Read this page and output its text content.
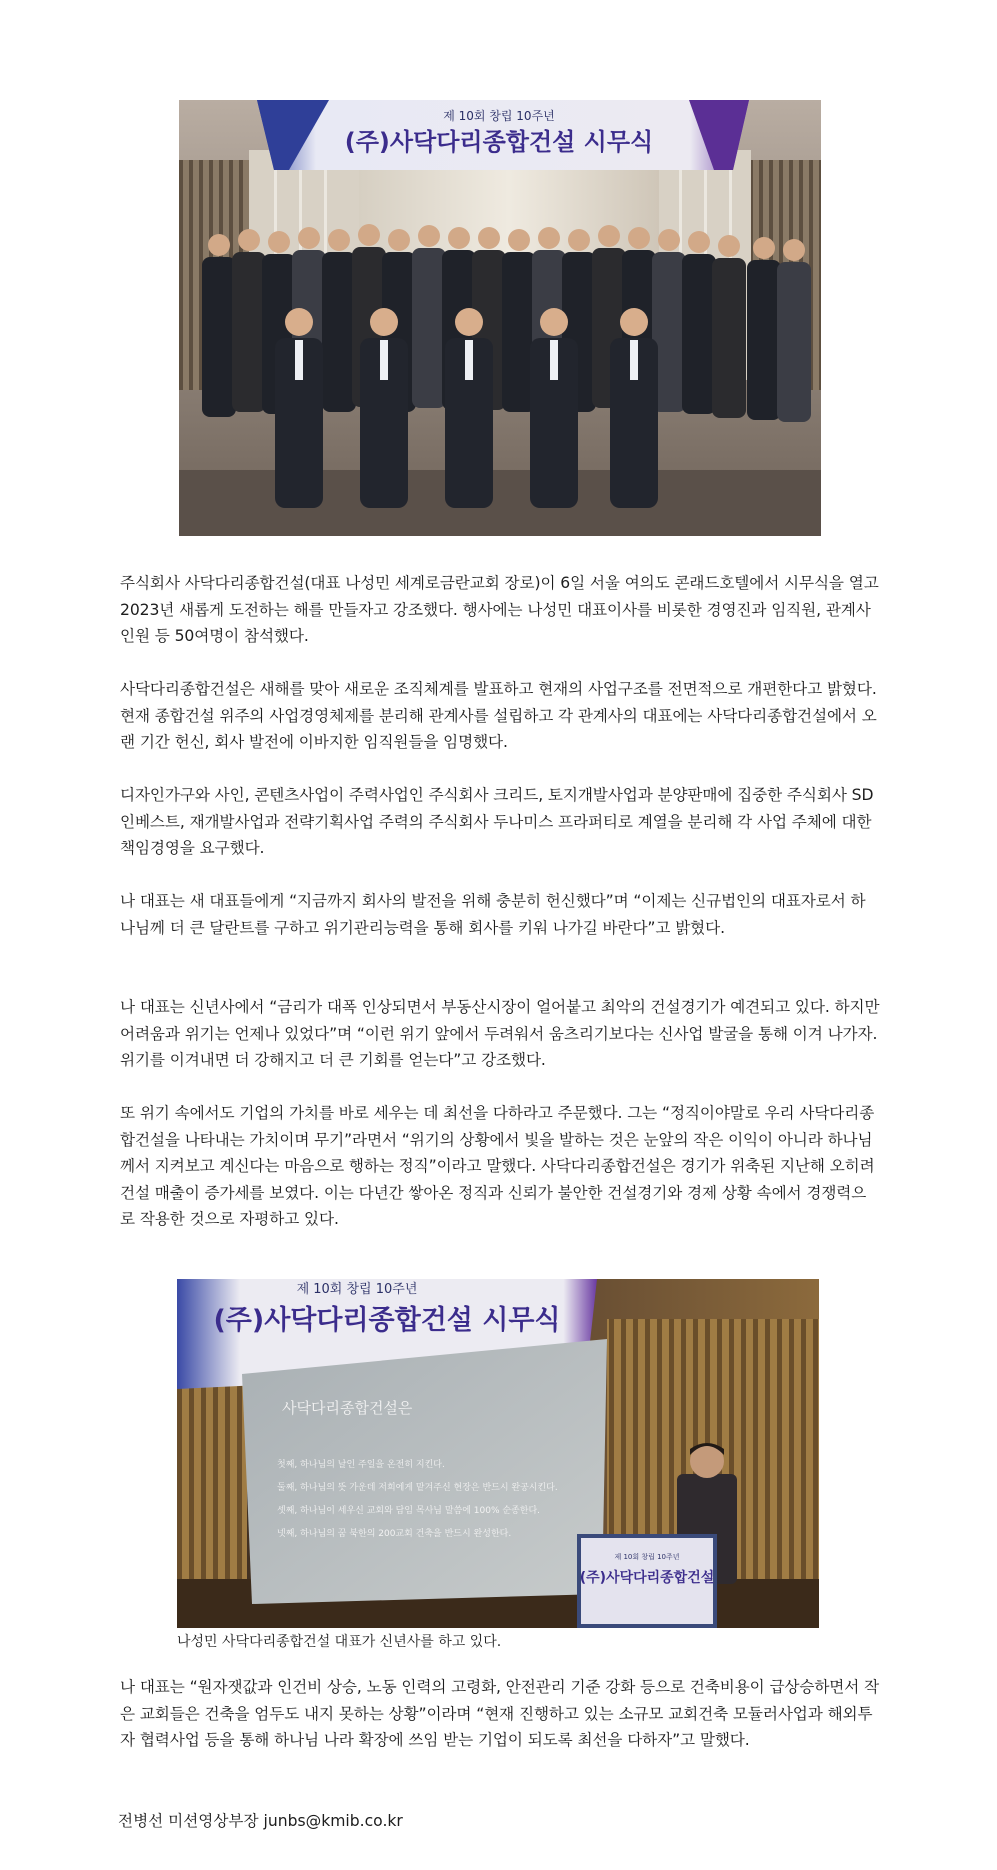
제 10회 창립 10주년
(주)사닥다리종합건설 시무식

주식회사 사닥다리종합건설(대표 나성민 세계로금란교회 장로)이 6일 서울 여의도 콘래드호텔에서 시무식을 열고 2023년 새롭게 도전하는 해를 만들자고 강조했다. 행사에는 나성민 대표이사를 비롯한 경영진과 임직원, 관계사 인원 등 50여명이 참석했다.

사닥다리종합건설은 새해를 맞아 새로운 조직체계를 발표하고 현재의 사업구조를 전면적으로 개편한다고 밝혔다. 현재 종합건설 위주의 사업경영체제를 분리해 관계사를 설립하고 각 관계사의 대표에는 사닥다리종합건설에서 오랜 기간 헌신, 회사 발전에 이바지한 임직원들을 임명했다.

디자인가구와 사인, 콘텐츠사업이 주력사업인 주식회사 크리드, 토지개발사업과 분양판매에 집중한 주식회사 SD인베스트, 재개발사업과 전략기획사업 주력의 주식회사 두나미스 프라퍼티로 계열을 분리해 각 사업 주체에 대한 책임경영을 요구했다.

나 대표는 새 대표들에게 “지금까지 회사의 발전을 위해 충분히 헌신했다”며 “이제는 신규법인의 대표자로서 하나님께 더 큰 달란트를 구하고 위기관리능력을 통해 회사를 키워 나가길 바란다”고 밝혔다.

나 대표는 신년사에서 “금리가 대폭 인상되면서 부동산시장이 얼어붙고 최악의 건설경기가 예견되고 있다. 하지만 어려움과 위기는 언제나 있었다”며 “이런 위기 앞에서 두려워서 움츠리기보다는 신사업 발굴을 통해 이겨 나가자. 위기를 이겨내면 더 강해지고 더 큰 기회를 얻는다”고 강조했다.

또 위기 속에서도 기업의 가치를 바로 세우는 데 최선을 다하라고 주문했다. 그는 “정직이야말로 우리 사닥다리종합건설을 나타내는 가치이며 무기”라면서 “위기의 상황에서 빛을 발하는 것은 눈앞의 작은 이익이 아니라 하나님께서 지켜보고 계신다는 마음으로 행하는 정직”이라고 말했다. 사닥다리종합건설은 경기가 위축된 지난해 오히려 건설 매출이 증가세를 보였다. 이는 다년간 쌓아온 정직과 신뢰가 불안한 건설경기와 경제 상황 속에서 경쟁력으로 작용한 것으로 자평하고 있다.

제 10회 창립 10주년
(주)사닥다리종합건설 시무식
사닥다리종합건설은
첫째, 하나님의 날인 주일을 온전히 지킨다.
둘째, 하나님의 뜻 가운데 저희에게 맡겨주신 현장은 반드시 완공시킨다.
셋째, 하나님이 세우신 교회와 담임 목사님 말씀에 100% 순종한다.
넷째, 하나님의 꿈 북한의 200교회 건축을 반드시 완성한다.
제 10회 창립 10주년
(주)사닥다리종합건설
나성민 사닥다리종합건설 대표가 신년사를 하고 있다.

나 대표는 “원자잿값과 인건비 상승, 노동 인력의 고령화, 안전관리 기준 강화 등으로 건축비용이 급상승하면서 작은 교회들은 건축을 엄두도 내지 못하는 상황”이라며 “현재 진행하고 있는 소규모 교회건축 모듈러사업과 해외투자 협력사업 등을 통해 하나님 나라 확장에 쓰임 받는 기업이 되도록 최선을 다하자”고 말했다.

전병선 미션영상부장 junbs@kmib.co.kr
